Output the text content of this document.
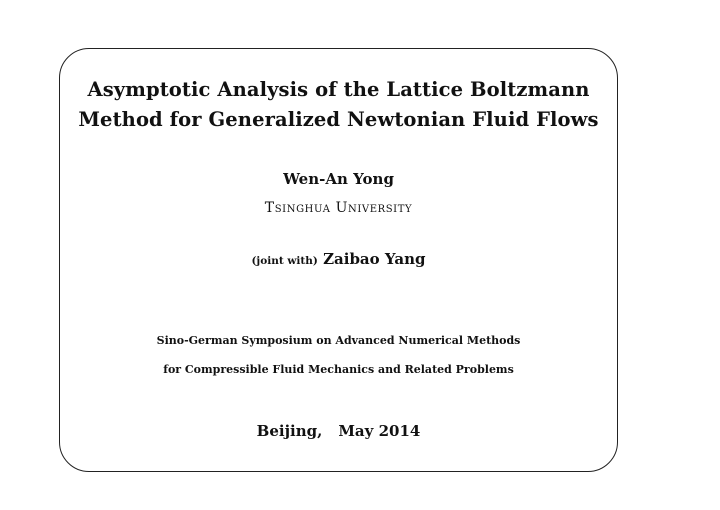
Asymptotic Analysis of the Lattice Boltzmann
Method for Generalized Newtonian Fluid Flows
Wen-An Yong
Tsinghua University
(joint with) Zaibao Yang
Sino-German Symposium on Advanced Numerical Methods
for Compressible Fluid Mechanics and Related Problems
Beijing, May 2014
